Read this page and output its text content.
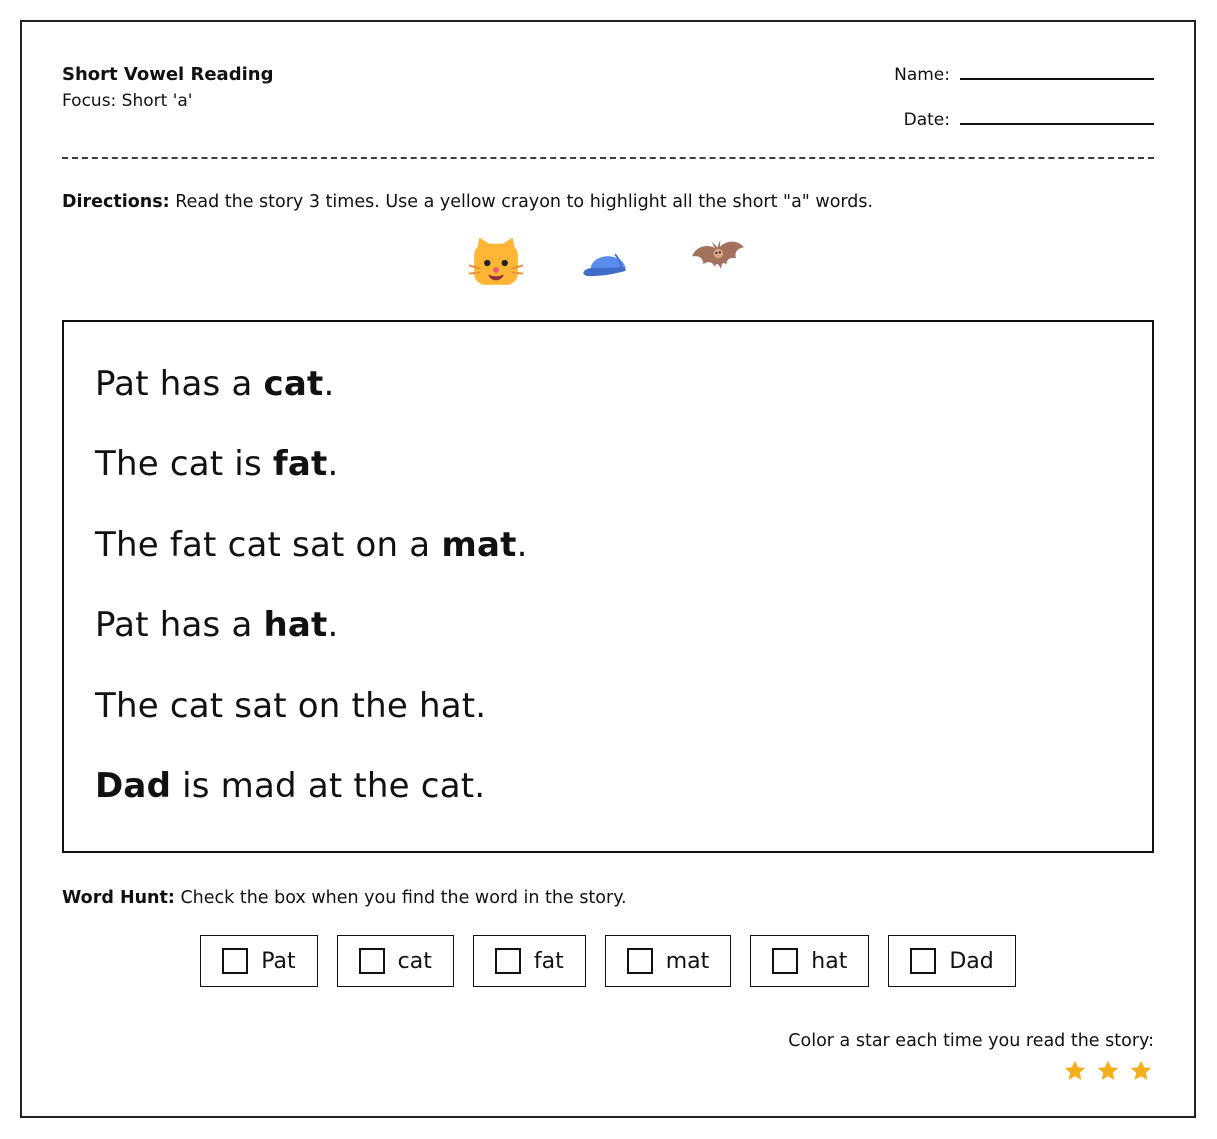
Short Vowel Reading
Focus: Short 'a'
Name:
Date:
Directions: Read the story 3 times. Use a yellow crayon to highlight all the short "a" words.

Pat has a cat.

The cat is fat.

The fat cat sat on a mat.

Pat has a hat.

The cat sat on the hat.

Dad is mad at the cat.

Word Hunt: Check the box when you find the word in the story.
Pat	cat	fat	mat	hat	Dad
Color a star each time you read the story:
